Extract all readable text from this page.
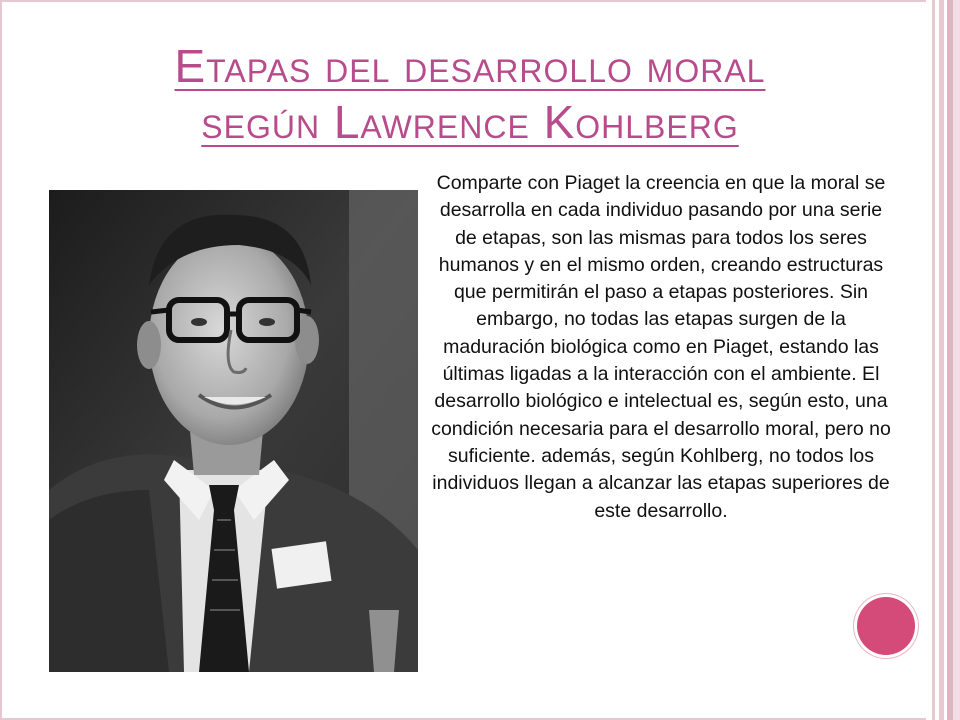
Etapas del desarrollo moral
según Lawrence Kohlberg
Comparte con Piaget la creencia en que la moral se desarrolla en cada individuo pasando por una serie de etapas, son las mismas para todos los seres humanos y en el mismo orden, creando estructuras que permitirán el paso a etapas posteriores. Sin embargo, no todas las etapas surgen de la maduración biológica como en Piaget, estando las últimas ligadas a la interacción con el ambiente. El desarrollo biológico e intelectual es, según esto, una condición necesaria para el desarrollo moral, pero no suficiente. además, según Kohlberg, no todos los individuos llegan a alcanzar las etapas superiores de este desarrollo.
